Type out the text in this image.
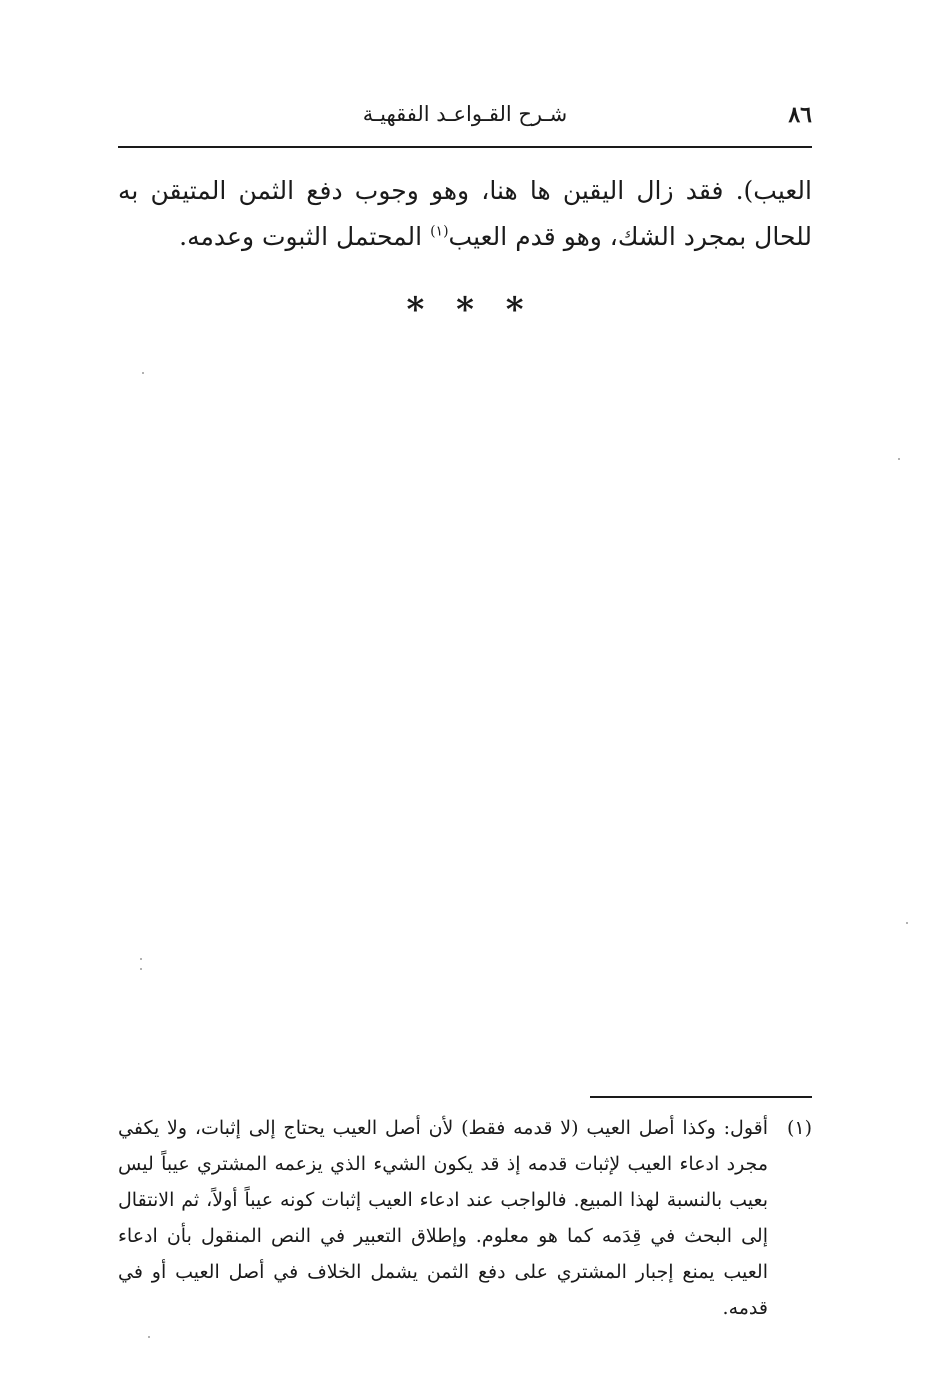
٨٦
شـرح القـواعـد الفقهيـة

العيب). فقد زال اليقين ها هنا، وهو وجوب دفع الثمن المتيقن به للحال بمجرد الشك، وهو قدم العيب$^{(١)}$ المحتمل الثبوت وعدمه.

* * *
(١)
أقول: وكذا أصل العيب (لا قدمه فقط) لأن أصل العيب يحتاج إلى إثبات، ولا يكفي مجرد ادعاء العيب لإثبات قدمه إذ قد يكون الشيء الذي يزعمه المشتري عيباً ليس بعيب بالنسبة لهذا المبيع. فالواجب عند ادعاء العيب إثبات كونه عيباً أولاً، ثم الانتقال إلى البحث في قِدَمه كما هو معلوم. وإطلاق التعبير في النص المنقول بأن ادعاء العيب يمنع إجبار المشتري على دفع الثمن يشمل الخلاف في أصل العيب أو في قدمه.
